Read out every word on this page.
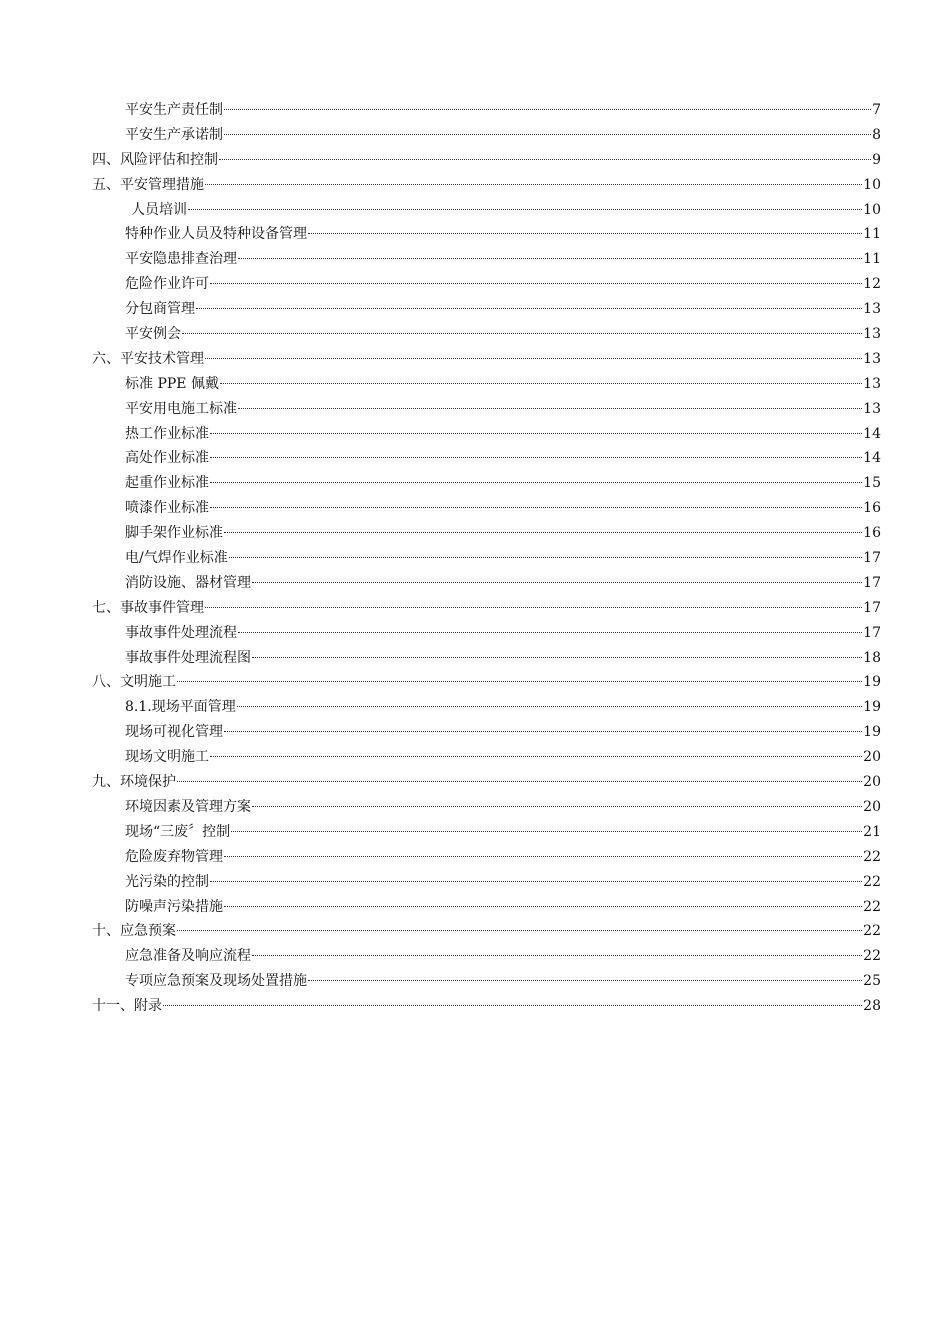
平安生产责任制	7
平安生产承诺制	8
四、风险评估和控制	9
五、平安管理措施	10
人员培训	10
特种作业人员及特种设备管理	11
平安隐患排查治理	11
危险作业许可	12
分包商管理	13
平安例会	13
六、平安技术管理	13
标准 PPE 佩戴	13
平安用电施工标准	13
热工作业标准	14
高处作业标准	14
起重作业标准	15
喷漆作业标准	16
脚手架作业标准	16
电/气焊作业标准	17
消防设施、器材管理	17
七、事故事件管理	17
事故事件处理流程	17
事故事件处理流程图	18
八、文明施工	19
8.1.现场平面管理	19
现场可视化管理	19
现场文明施工	20
九、环境保护	20
环境因素及管理方案	20
现场“三废〞控制	21
危险废弃物管理	22
光污染的控制	22
防噪声污染措施	22
十、应急预案	22
应急准备及响应流程	22
专项应急预案及现场处置措施	25
十一、附录	28
